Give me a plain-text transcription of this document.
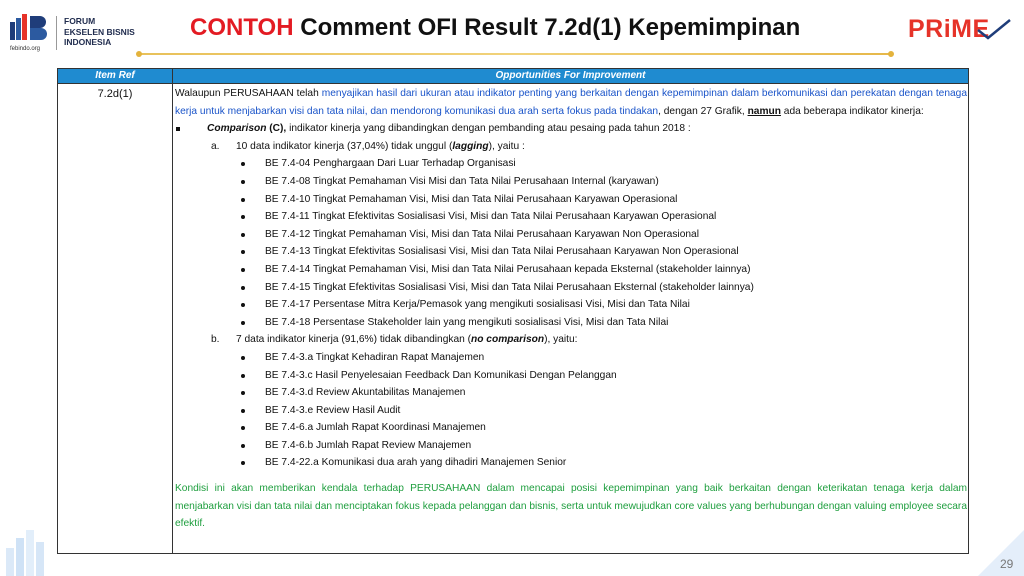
febindo.org
FORUM
EKSELEN BISNIS
INDONESIA
CONTOH Comment OFI Result 7.2d(1) Kepemimpinan	PRiME
Item Ref	Opportunities For Improvement
7.2d(1)	Walaupun PERUSAHAAN telah menyajikan hasil dari ukuran atau indikator penting yang berkaitan dengan kepemimpinan dalam berkomunikasi dan perekatan dengan tenaga kerja untuk menjabarkan visi dan tata nilai, dan mendorong komunikasi dua arah serta fokus pada tindakan, dengan 27 Grafik, namun ada beberapa indikator kinerja:
Comparison (C), indikator kinerja yang dibandingkan dengan pembanding atau pesaing pada tahun 2018 :
a. 10 data indikator kinerja (37,04%) tidak unggul (lagging), yaitu :
BE 7.4-04 Penghargaan Dari Luar Terhadap Organisasi
BE 7.4-08 Tingkat Pemahaman Visi Misi dan Tata Nilai Perusahaan Internal (karyawan)
BE 7.4-10 Tingkat Pemahaman Visi, Misi dan Tata Nilai Perusahaan Karyawan Operasional
BE 7.4-11 Tingkat Efektivitas Sosialisasi Visi, Misi dan Tata Nilai Perusahaan Karyawan Operasional
BE 7.4-12 Tingkat Pemahaman Visi, Misi dan Tata Nilai Perusahaan Karyawan Non Operasional
BE 7.4-13 Tingkat Efektivitas Sosialisasi Visi, Misi dan Tata Nilai Perusahaan Karyawan Non Operasional
BE 7.4-14 Tingkat Pemahaman Visi, Misi dan Tata Nilai Perusahaan kepada Eksternal (stakeholder lainnya)
BE 7.4-15 Tingkat Efektivitas Sosialisasi Visi, Misi dan Tata Nilai Perusahaan Eksternal (stakeholder lainnya)
BE 7.4-17 Persentase Mitra Kerja/Pemasok yang mengikuti sosialisasi Visi, Misi dan Tata Nilai
BE 7.4-18 Persentase Stakeholder lain yang mengikuti sosialisasi Visi, Misi dan Tata Nilai
b. 7 data indikator kinerja (91,6%) tidak dibandingkan (no comparison), yaitu:
BE 7.4-3.a Tingkat Kehadiran Rapat Manajemen
BE 7.4-3.c Hasil Penyelesaian Feedback Dan Komunikasi Dengan Pelanggan
BE 7.4-3.d Review Akuntabilitas Manajemen
BE 7.4-3.e Review Hasil Audit
BE 7.4-6.a Jumlah Rapat Koordinasi Manajemen
BE 7.4-6.b Jumlah Rapat Review Manajemen
BE 7.4-22.a Komunikasi dua arah yang dihadiri Manajemen Senior
Kondisi ini akan memberikan kendala terhadap PERUSAHAAN dalam mencapai posisi kepemimpinan yang baik berkaitan dengan keterikatan tenaga kerja dalam menjabarkan visi dan tata nilai dan menciptakan fokus kepada pelanggan dan bisnis, serta untuk mewujudkan core values yang berhubungan dengan valuing employee secara efektif.
29
